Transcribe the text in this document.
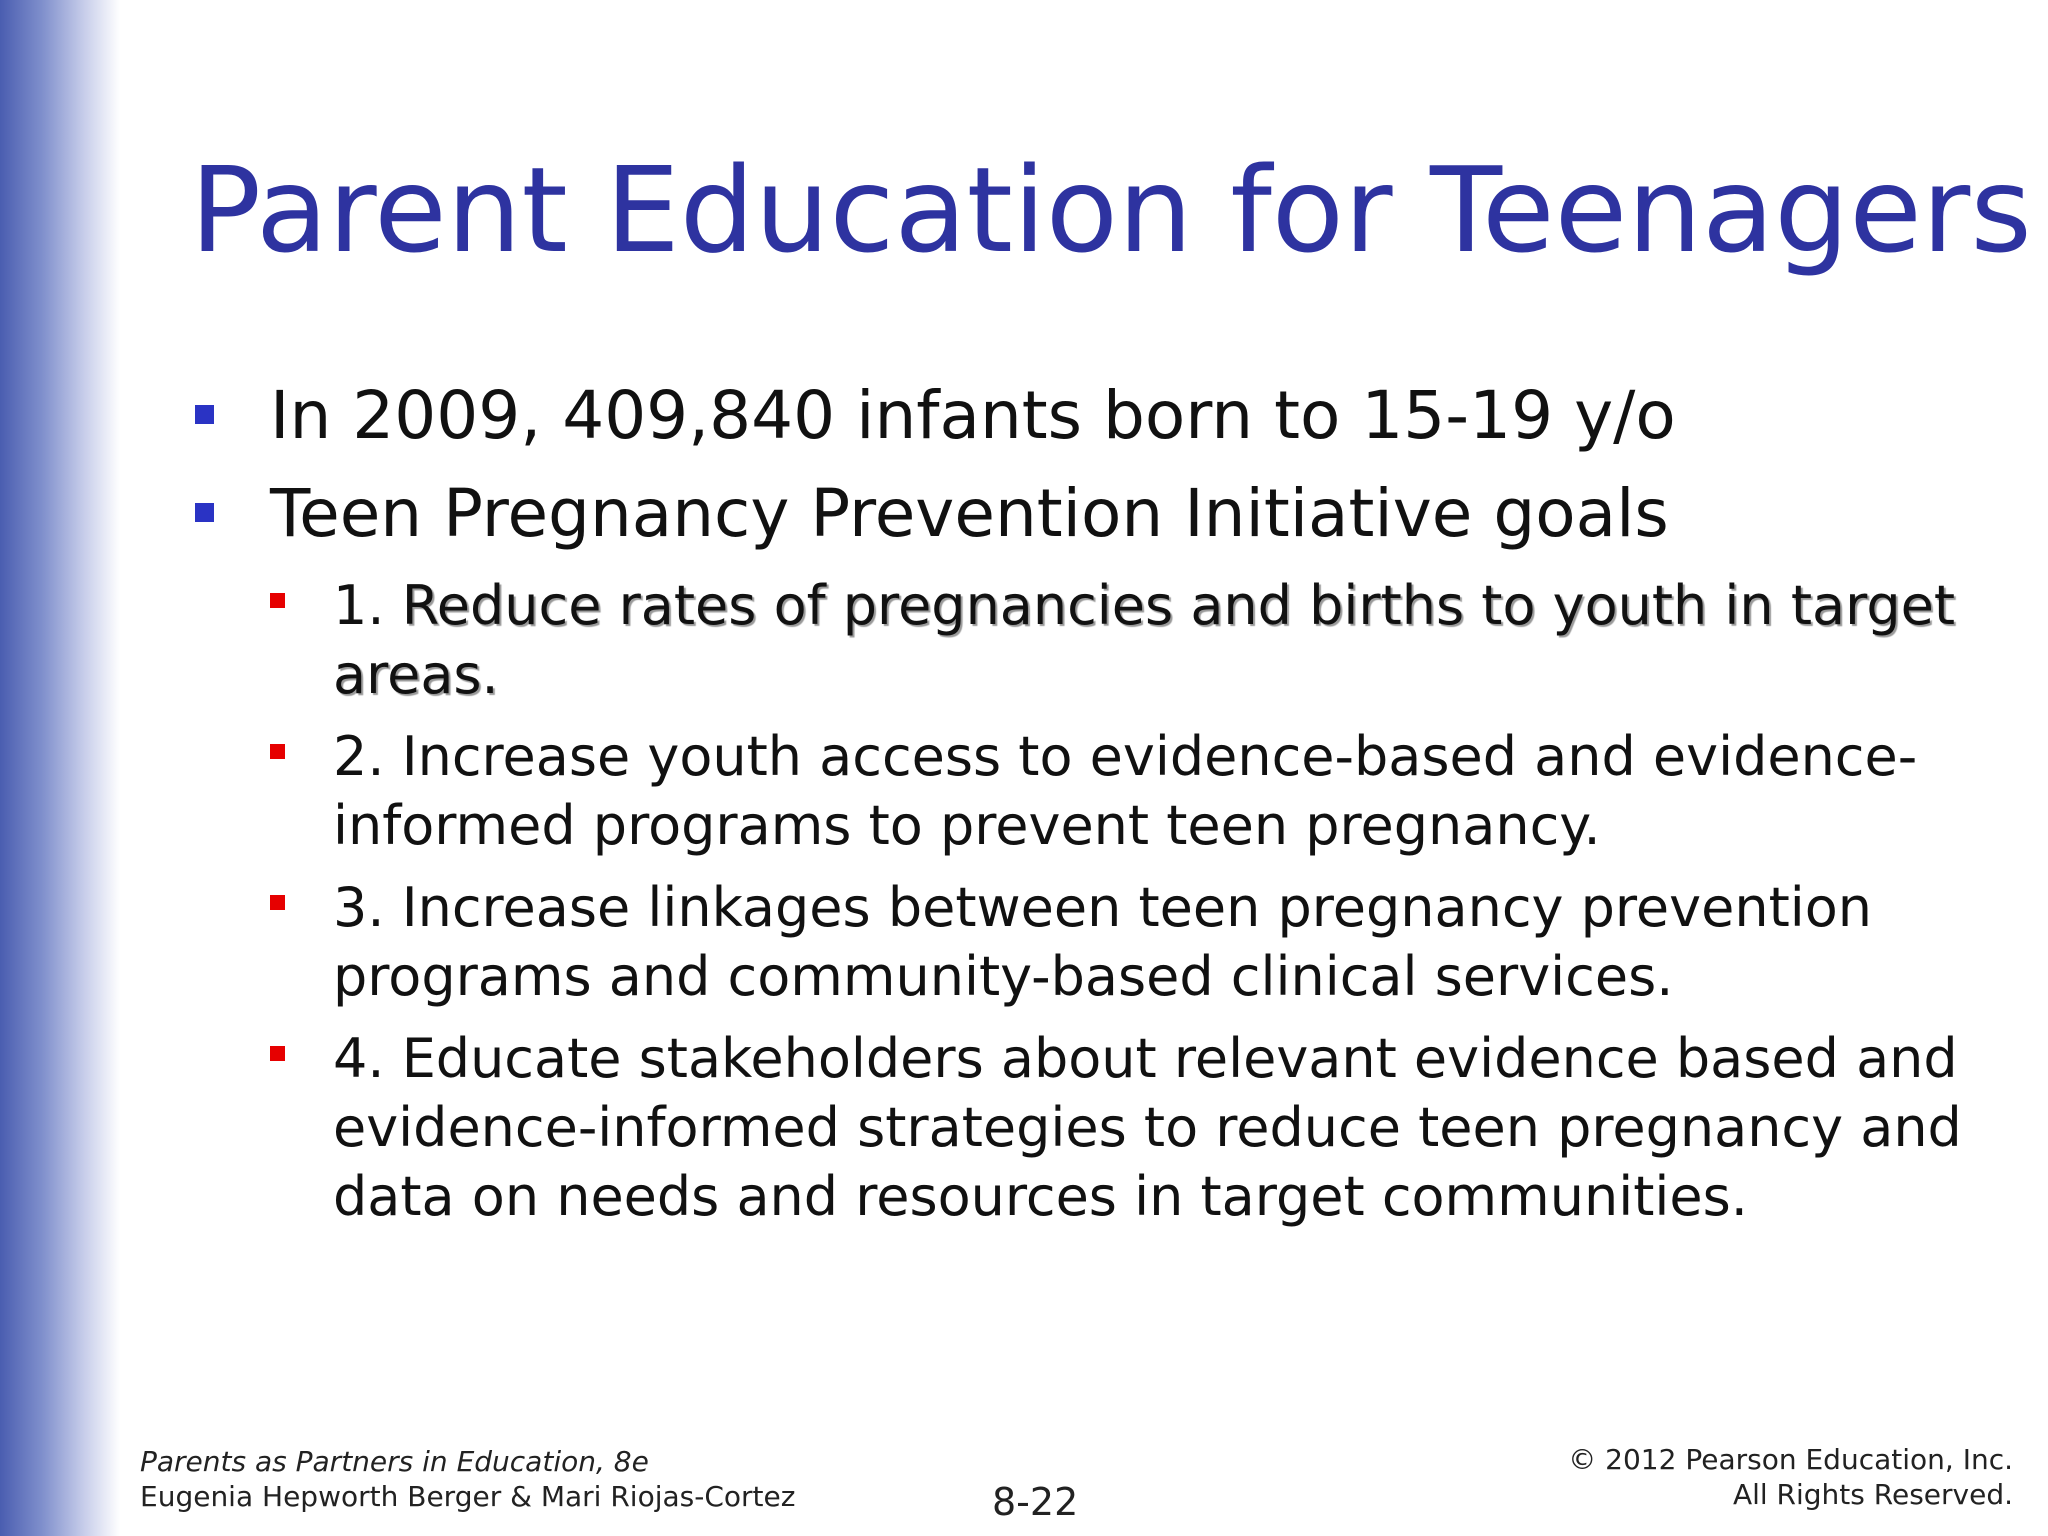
Parent Education for Teenagers
In 2009, 409,840 infants born to 15-19 y/o
Teen Pregnancy Prevention Initiative goals
1. Reduce rates of pregnancies and births to youth in target areas.
2. Increase youth access to evidence-based and evidence-informed programs to prevent teen pregnancy.
3. Increase linkages between teen pregnancy prevention programs and community-based clinical services.
4. Educate stakeholders about relevant evidence based and evidence-informed strategies to reduce teen pregnancy and data on needs and resources in target communities.
Parents as Partners in Education, 8e
Eugenia Hepworth Berger & Mari Riojas-Cortez	8-22
© 2012 Pearson Education, Inc.
All Rights Reserved.
